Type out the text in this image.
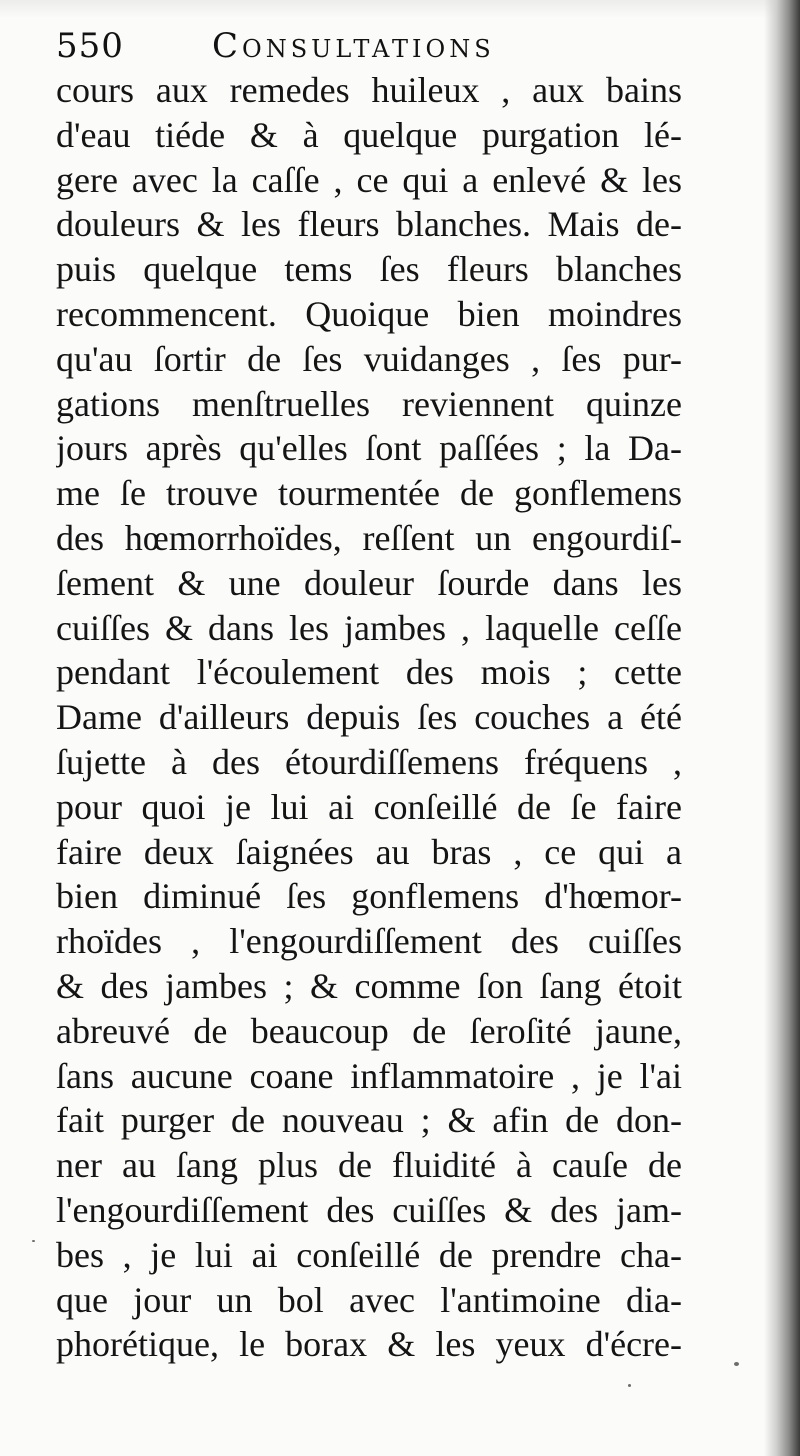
550	Consultations
cours aux remedes huileux , aux bains
d'eau tiéde & à quelque purgation lé-
gere avec la caſſe , ce qui a enlevé & les
douleurs & les fleurs blanches. Mais de-
puis quelque tems ſes fleurs blanches
recommencent. Quoique bien moindres
qu'au ſortir de ſes vuidanges , ſes pur-
gations menſtruelles reviennent quinze
jours après qu'elles ſont paſſées ; la Da-
me ſe trouve tourmentée de gonflemens
des hœmorrhoïdes, reſſent un engourdiſ-
ſement & une douleur ſourde dans les
cuiſſes & dans les jambes , laquelle ceſſe
pendant l'écoulement des mois ; cette
Dame d'ailleurs depuis ſes couches a été
ſujette à des étourdiſſemens fréquens ,
pour quoi je lui ai conſeillé de ſe faire
faire deux ſaignées au bras , ce qui a
bien diminué ſes gonflemens d'hœmor-
rhoïdes , l'engourdiſſement des cuiſſes
& des jambes ; & comme ſon ſang étoit
abreuvé de beaucoup de ſeroſité jaune,
ſans aucune coane inflammatoire , je l'ai
fait purger de nouveau ; & afin de don-
ner au ſang plus de fluidité à cauſe de
l'engourdiſſement des cuiſſes & des jam-
bes , je lui ai conſeillé de prendre cha-
que jour un bol avec l'antimoine dia-
phorétique, le borax & les yeux d'écre-
